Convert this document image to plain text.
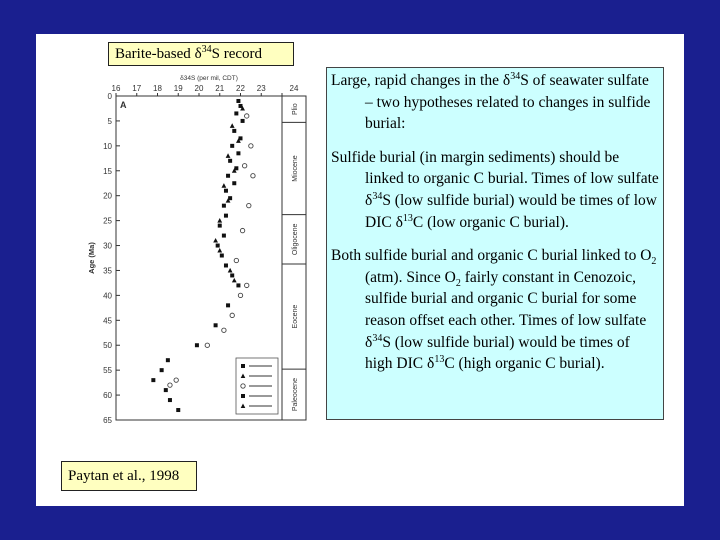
Plio
Miocene
Oligocene
Eocene
Paleocene
16 17 18 19 20 21 22 23	24
δ34S (per mil, CDT)
0
5
10
15
20
25
30
35
40
45
50
55
60
65
Age (Ma)
A
Barite-based $\delta^{34}S$ record
Large, rapid changes in the $\delta^{34}S$ of seawater sulfate – two hypotheses related to changes in sulfide burial:
Sulfide burial (in margin sediments) should be linked to organic C burial. Times of low sulfate $\delta^{34}S$ (low sulfide burial) would be times of low DIC $\delta^{13}C$ (low organic C burial).
Both sulfide burial and organic C burial linked to $O_2$ (atm). Since $O_2$ fairly constant in Cenozoic, sulfide burial and organic C burial for some reason offset each other. Times of low sulfate $\delta^{34}S$ (low sulfide burial) would be times of high DIC $\delta^{13}C$ (high organic C burial).
Paytan et al., 1998
